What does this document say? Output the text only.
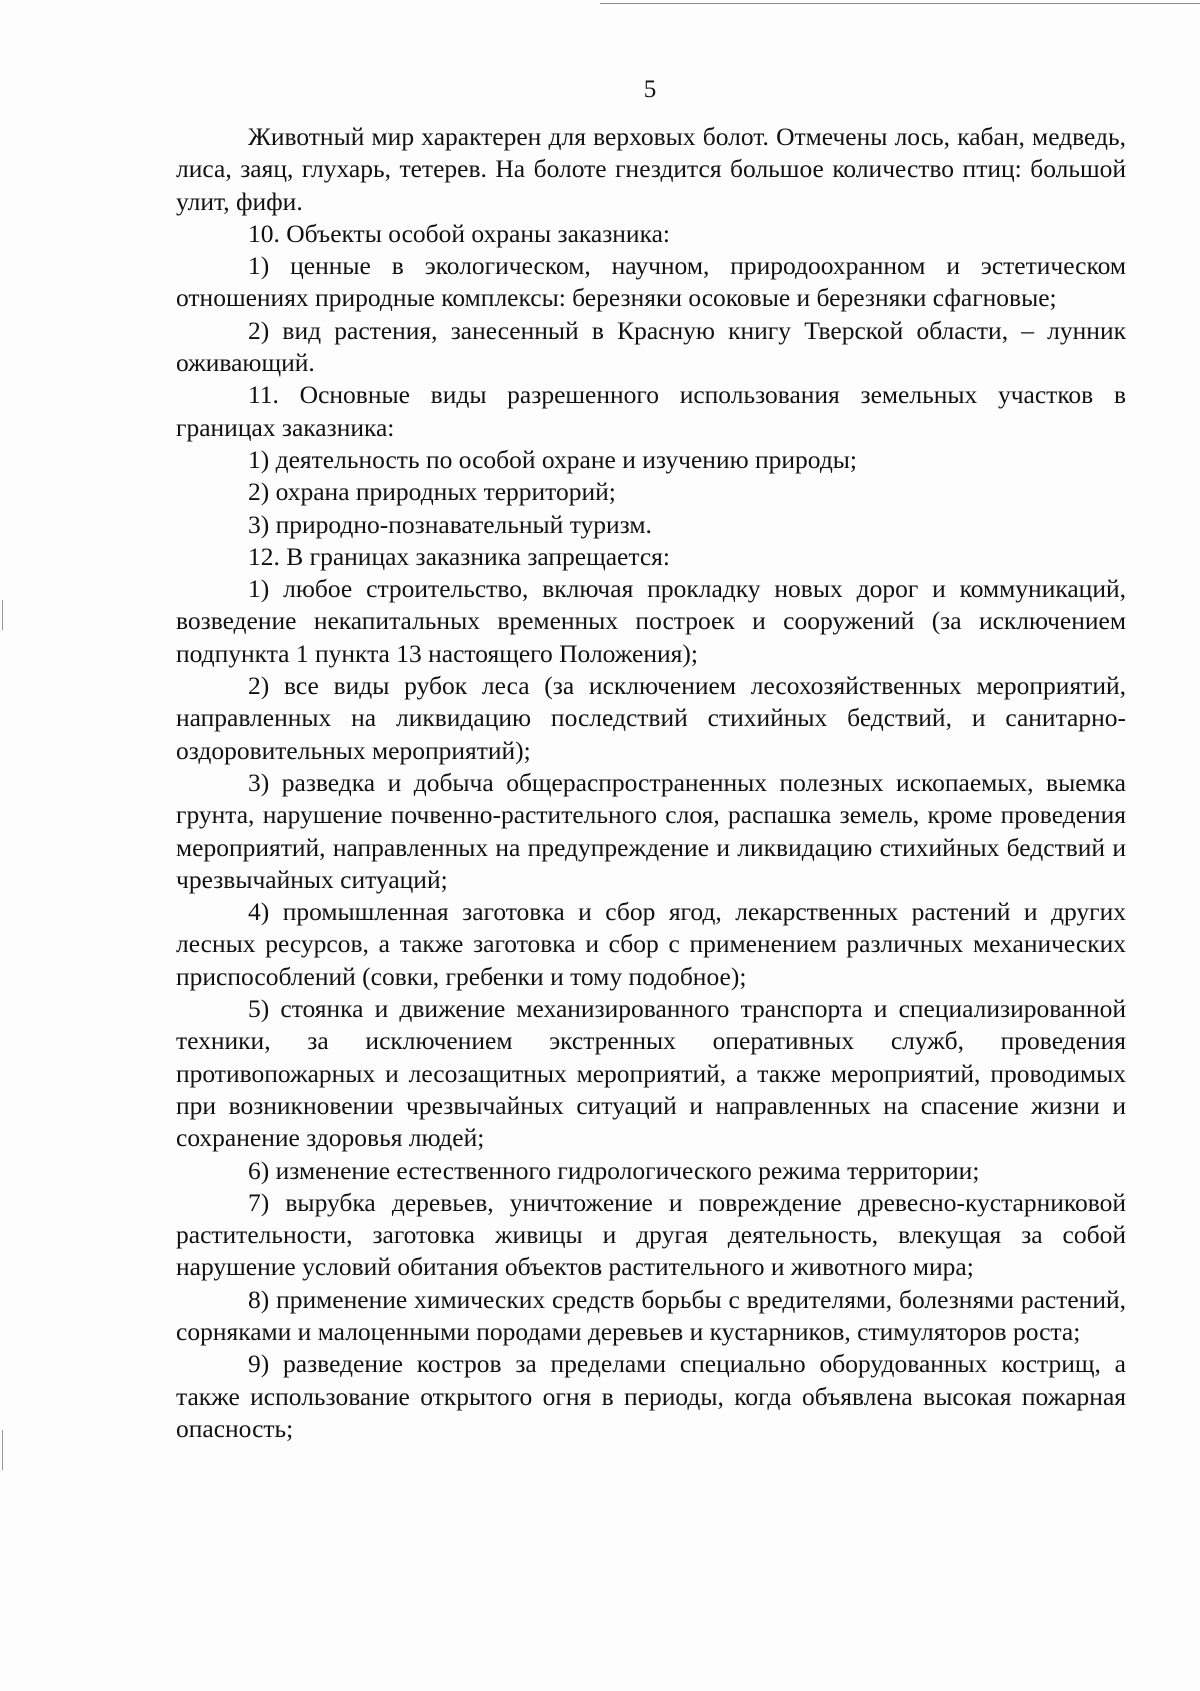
5

Животный мир характерен для верховых болот. Отмечены лось, кабан, медведь, лиса, заяц, глухарь, тетерев. На болоте гнездится большое количество птиц: большой улит, фифи.

10. Объекты особой охраны заказника:

1) ценные в экологическом, научном, природоохранном и эстетическом отношениях природные комплексы: березняки осоковые и березняки сфагновые;

2) вид растения, занесенный в Красную книгу Тверской области, – лунник оживающий.

11. Основные виды разрешенного использования земельных участков в границах заказника:

1) деятельность по особой охране и изучению природы;

2) охрана природных территорий;

3) природно-познавательный туризм.

12. В границах заказника запрещается:

1) любое строительство, включая прокладку новых дорог и коммуникаций, возведение некапитальных временных построек и сооружений (за исключением подпункта 1 пункта 13 настоящего Положения);

2) все виды рубок леса (за исключением лесохозяйственных мероприятий, направленных на ликвидацию последствий стихийных бедствий, и санитарно-оздоровительных мероприятий);

3) разведка и добыча общераспространенных полезных ископаемых, выемка грунта, нарушение почвенно-растительного слоя, распашка земель, кроме проведения мероприятий, направленных на предупреждение и ликвидацию стихийных бедствий и чрезвычайных ситуаций;

4) промышленная заготовка и сбор ягод, лекарственных растений и других лесных ресурсов, а также заготовка и сбор с применением различных механических приспособлений (совки, гребенки и тому подобное);

5) стоянка и движение механизированного транспорта и специализированной техники, за исключением экстренных оперативных служб, проведения противопожарных и лесозащитных мероприятий, а также мероприятий, проводимых при возникновении чрезвычайных ситуаций и направленных на спасение жизни и сохранение здоровья людей;

6) изменение естественного гидрологического режима территории;

7) вырубка деревьев, уничтожение и повреждение древесно-кустарниковой растительности, заготовка живицы и другая деятельность, влекущая за собой нарушение условий обитания объектов растительного и животного мира;

8) применение химических средств борьбы с вредителями, болезнями растений, сорняками и малоценными породами деревьев и кустарников, стимуляторов роста;

9) разведение костров за пределами специально оборудованных кострищ, а также использование открытого огня в периоды, когда объявлена высокая пожарная опасность;
